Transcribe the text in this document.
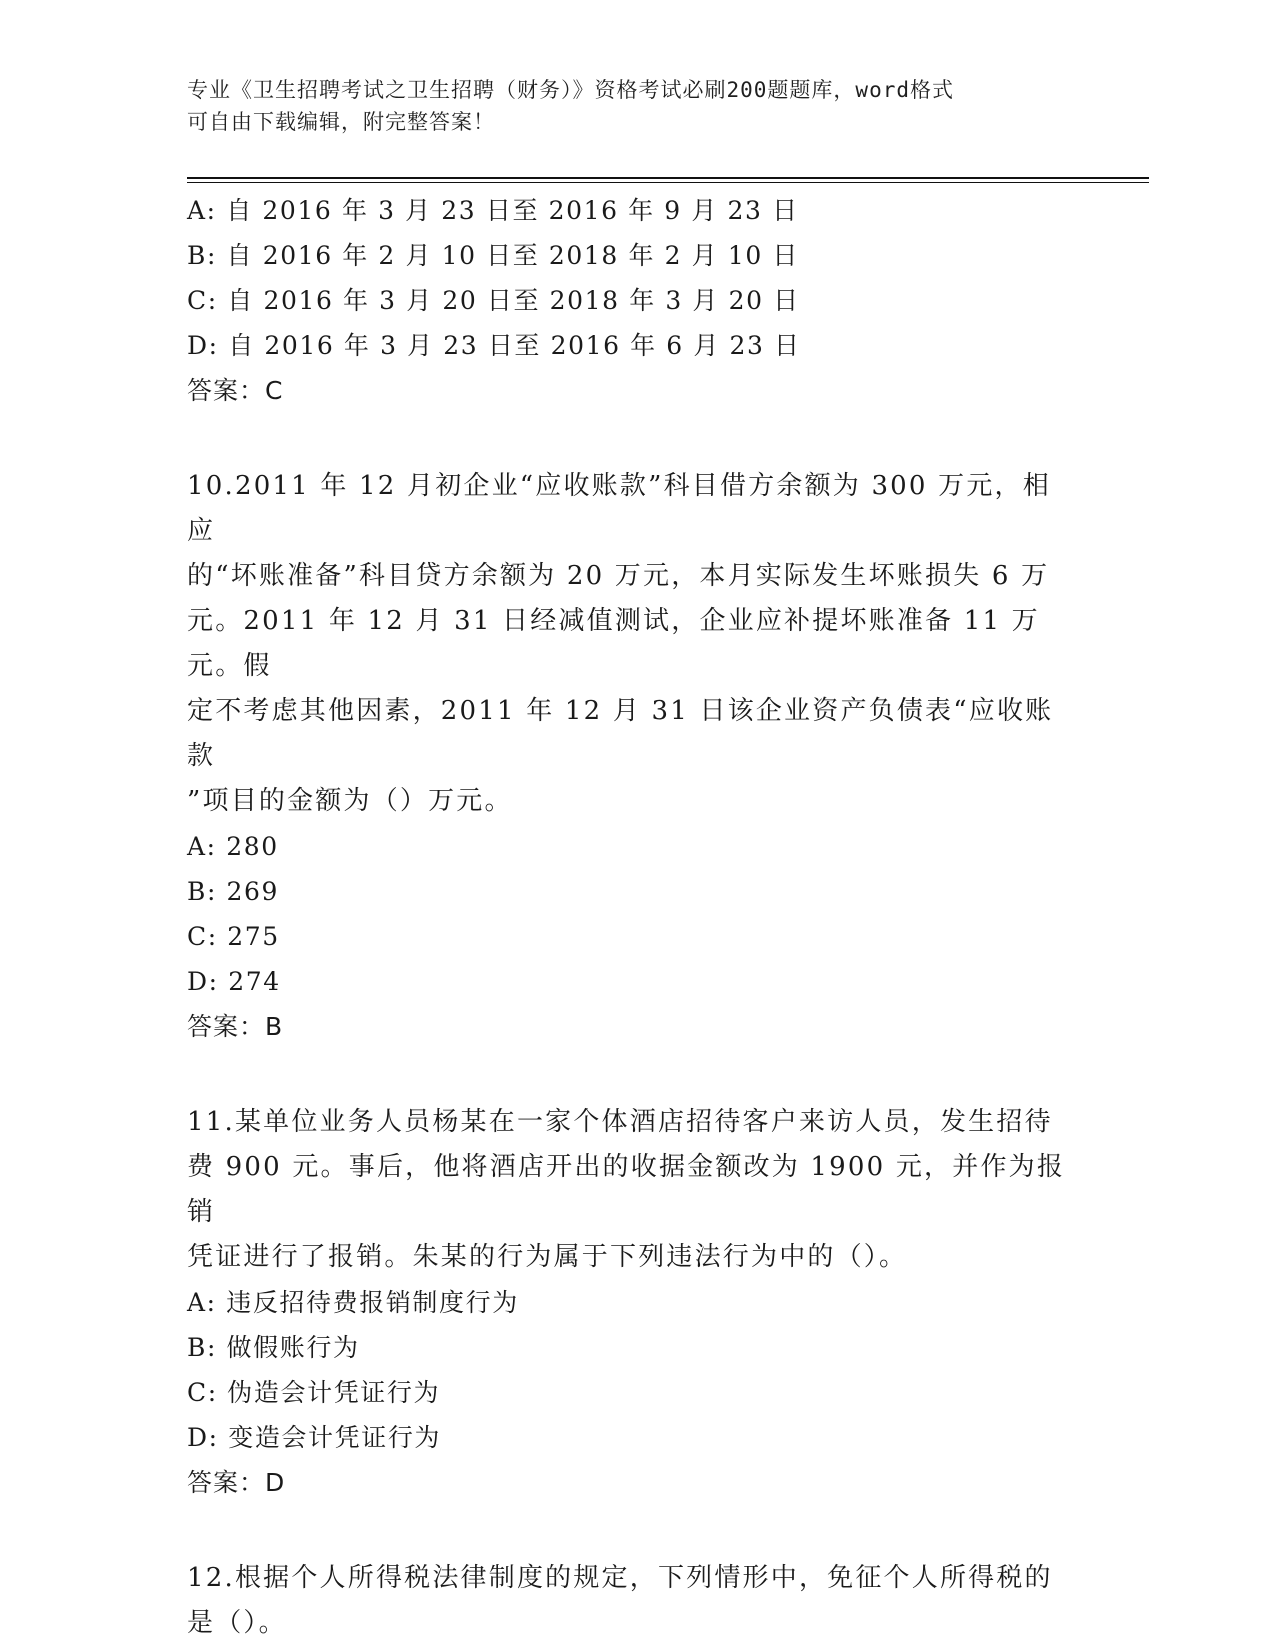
专业《卫生招聘考试之卫生招聘（财务）》资格考试必刷200题题库，word格式
可自由下载编辑，附完整答案！
A: 自 2016 年 3 月 23 日至 2016 年 9 月 23 日
B: 自 2016 年 2 月 10 日至 2018 年 2 月 10 日
C: 自 2016 年 3 月 20 日至 2018 年 3 月 20 日
D: 自 2016 年 3 月 23 日至 2016 年 6 月 23 日
答案：C
10.2011 年 12 月初企业“应收账款”科目借方余额为 300 万元，相应
的“坏账准备”科目贷方余额为 20 万元，本月实际发生坏账损失 6 万
元。2011 年 12 月 31 日经减值测试，企业应补提坏账准备 11 万元。假
定不考虑其他因素，2011 年 12 月 31 日该企业资产负债表“应收账款
”项目的金额为（）万元。
A: 280
B: 269
C: 275
D: 274
答案：B
11.某单位业务人员杨某在一家个体酒店招待客户来访人员，发生招待
费 900 元。事后，他将酒店开出的收据金额改为 1900 元，并作为报销
凭证进行了报销。朱某的行为属于下列违法行为中的（）。
A: 违反招待费报销制度行为
B: 做假账行为
C: 伪造会计凭证行为
D: 变造会计凭证行为
答案：D
12.根据个人所得税法律制度的规定，下列情形中，免征个人所得税的
是（）。
